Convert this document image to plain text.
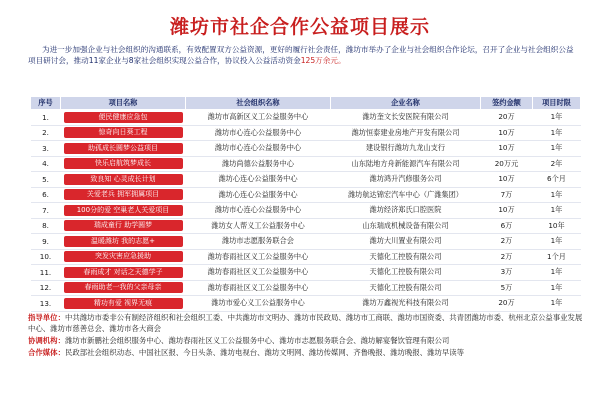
潍坊市社企合作公益项目展示
为进一步加强企业与社会组织的沟通联系，有效配置双方公益资源，更好的履行社会责任，潍坊市举办了企业与社会组织合作论坛，召开了企业与社会组织公益项目研讨会，推动11家企业与8家社会组织实现公益合作，协议投入公益活动资金125万余元。
序号	项目名称	社会组织名称	企业名称	签约金额	项目时限
1.	便民健康应急包	潍坊市高新区义工公益服务中心	潍坊奎文长安医院有限公司	20万	1年
2.	惊奇向日葵工程	潍坊市心连心公益服务中心	潍坊恒泰建业房地产开发有限公司	10万	1年
3.	助孤成长圆梦公益项目	潍坊市心连心公益服务中心	建设银行潍坊九龙山支行	10万	1年
4.	快乐启航筑梦成长	潍坊尚德公益服务中心	山东陆地方舟新能源汽车有限公司	20万元	2年
5.	致良知 心灵成长计划	潍坊心连心公益服务中心	潍坊鸿升汽修服务公司	10万	6个月
6.	关爱老兵 拥军拥属项目	潍坊心连心公益服务中心	潍坊航达锦宏汽车中心（广潍集团）	7万	1年
7.	100分的爱 空巢老人关爱项目	潍坊市心连心公益服务中心	潍坊经济郑氏口腔医院	10万	1年
8.	瑞成童行 助学圆梦	潍坊女人帮义工公益服务中心	山东瑞成机械设备有限公司	6万	10年
9.	温暖潍坊 我的志愿+	潍坊市志愿服务联合会	潍坊大川置业有限公司	2万	1年
10.	突发灾害应急援助	潍坊春雨社区义工公益服务中心	天德化工控股有限公司	2万	1个月
11.	春雨成才 对话之天德学子	潍坊春雨社区义工公益服务中心	天德化工控股有限公司	3万	1年
12.	春雨助老一我的父亲母亲	潍坊春雨社区义工公益服务中心	天德化工控股有限公司	5万	1年
13.	精功有爱 视界无痕	潍坊市爱心义工公益服务中心	潍坊万鑫视光科技有限公司	20万	1年
指导单位：中共潍坊市委非公有制经济组织和社会组织工委、中共潍坊市文明办、潍坊市民政局、潍坊市工商联、潍坊市国资委、共青团潍坊市委、杭州北京公益事业发展中心、潍坊市慈善总会、潍坊市各大商会
协调机构：潍坊市新鹏社会组织服务中心、潍坊春雨社区义工公益服务中心、潍坊市志愿服务联合会、潍坊解宴餐饮管理有限公司
合作媒体：民政部社会组织动态、中国社区报、今日头条、潍坊电视台、潍坊文明网、潍坊传媒网、齐鲁晚报、潍坊晚报、潍坊早读等
